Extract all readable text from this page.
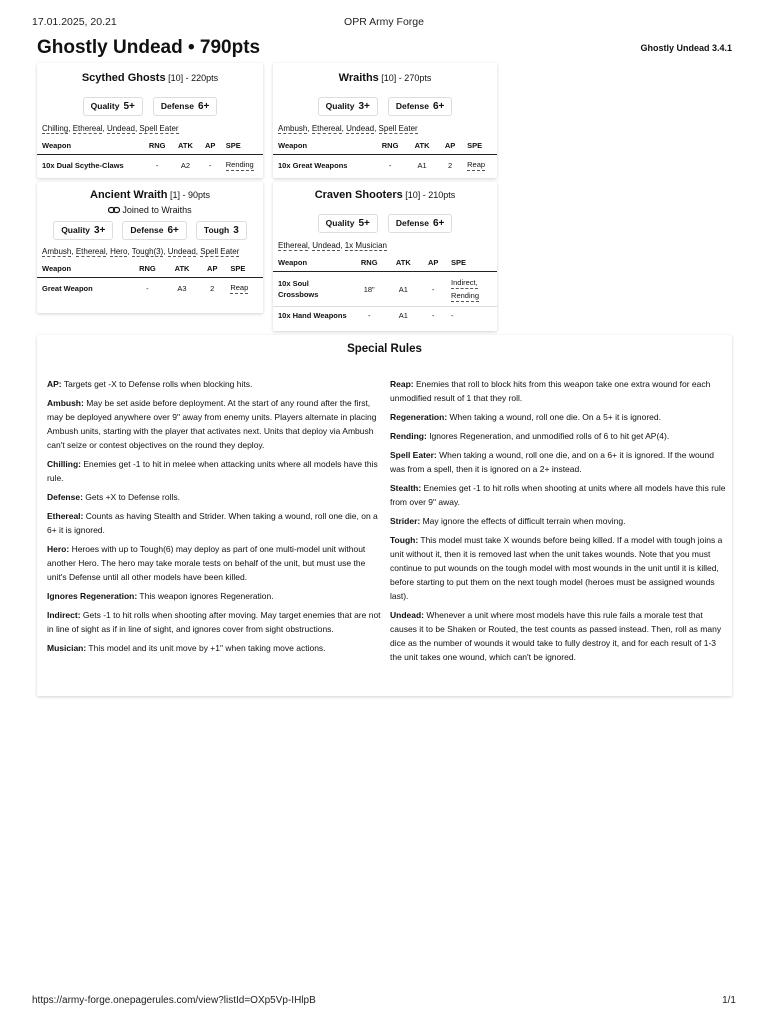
17.01.2025, 20.21	OPR Army Forge
Ghostly Undead • 790pts	Ghostly Undead 3.4.1
Scythed Ghosts [10] - 220pts
Quality 5+	Defense 6+
Chilling, Ethereal, Undead, Spell Eater
Weapon	RNG	ATK	AP	SPE
10x Dual Scythe-Claws	-	A2	-	Rending
Wraiths [10] - 270pts
Quality 3+	Defense 6+
Ambush, Ethereal, Undead, Spell Eater
Weapon	RNG	ATK	AP	SPE
10x Great Weapons	-	A1	2	Reap
Ancient Wraith [1] - 90pts
Joined to Wraiths
Quality 3+	Defense 6+	Tough 3
Ambush, Ethereal, Hero, Tough(3), Undead, Spell Eater
Weapon	RNG	ATK	AP	SPE
Great Weapon	-	A3	2	Reap
Craven Shooters [10] - 210pts
Quality 5+	Defense 6+
Ethereal, Undead, 1x Musician
Weapon	RNG	ATK	AP	SPE
10x Soul
Crossbows	18"	A1	-	Indirect,
Rending
10x Hand Weapons	-	A1	-	-
Special Rules

AP: Targets get -X to Defense rolls when blocking hits.

Ambush: May be set aside before deployment. At the start of any round after the first, may be deployed anywhere over 9" away from enemy units. Players alternate in placing Ambush units, starting with the player that activates next. Units that deploy via Ambush can't seize or contest objectives on the round they deploy.

Chilling: Enemies get -1 to hit in melee when attacking units where all models have this rule.

Defense: Gets +X to Defense rolls.

Ethereal: Counts as having Stealth and Strider. When taking a wound, roll one die, on a 6+ it is ignored.

Hero: Heroes with up to Tough(6) may deploy as part of one multi-model unit without another Hero. The hero may take morale tests on behalf of the unit, but must use the unit's Defense until all other models have been killed.

Ignores Regeneration: This weapon ignores Regeneration.

Indirect: Gets -1 to hit rolls when shooting after moving. May target enemies that are not in line of sight as if in line of sight, and ignores cover from sight obstructions.

Musician: This model and its unit move by +1" when taking move actions.

Reap: Enemies that roll to block hits from this weapon take one extra wound for each unmodified result of 1 that they roll.

Regeneration: When taking a wound, roll one die. On a 5+ it is ignored.

Rending: Ignores Regeneration, and unmodified rolls of 6 to hit get AP(4).

Spell Eater: When taking a wound, roll one die, and on a 6+ it is ignored. If the wound was from a spell, then it is ignored on a 2+ instead.

Stealth: Enemies get -1 to hit rolls when shooting at units where all models have this rule from over 9" away.

Strider: May ignore the effects of difficult terrain when moving.

Tough: This model must take X wounds before being killed. If a model with tough joins a unit without it, then it is removed last when the unit takes wounds. Note that you must continue to put wounds on the tough model with most wounds in the unit until it is killed, before starting to put them on the next tough model (heroes must be assigned wounds last).

Undead: Whenever a unit where most models have this rule fails a morale test that causes it to be Shaken or Routed, the test counts as passed instead. Then, roll as many dice as the number of wounds it would take to fully destroy it, and for each result of 1-3 the unit takes one wound, which can't be ignored.

https://army-forge.onepagerules.com/view?listId=OXp5Vp-IHlpB	1/1
